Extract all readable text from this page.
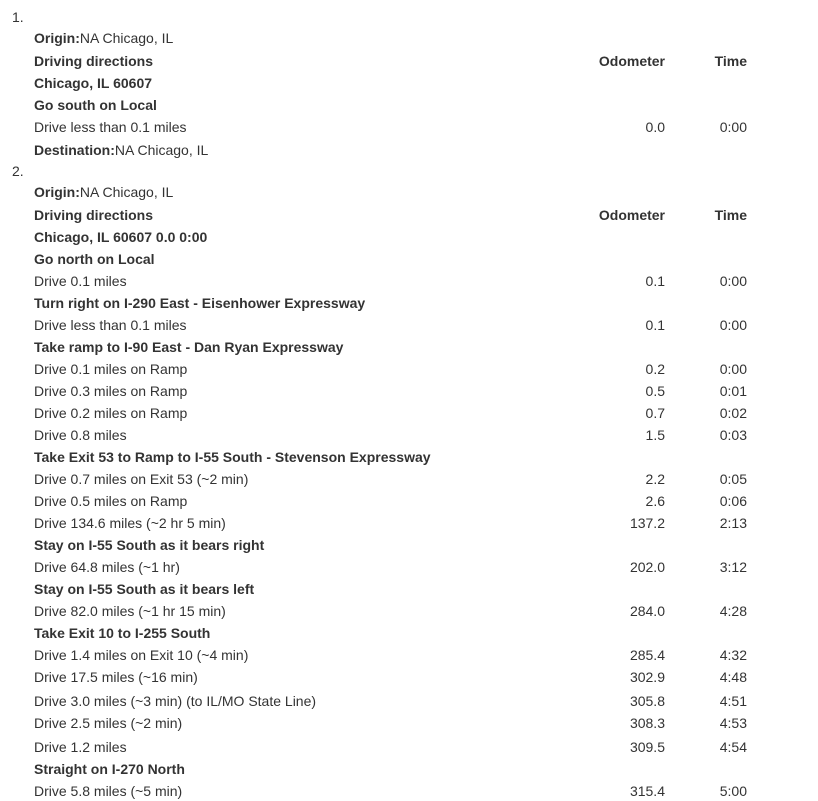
1.
Origin:NA Chicago, IL
Driving directions	Odometer	Time
Chicago, IL 60607
Go south on Local
Drive less than 0.1 miles	0.0	0:00
Destination:NA Chicago, IL
2.
Origin:NA Chicago, IL
Driving directions	Odometer	Time
Chicago, IL 60607 0.0 0:00
Go north on Local
Drive 0.1 miles	0.1	0:00
Turn right on I-290 East - Eisenhower Expressway
Drive less than 0.1 miles	0.1	0:00
Take ramp to I-90 East - Dan Ryan Expressway
Drive 0.1 miles on Ramp	0.2	0:00
Drive 0.3 miles on Ramp	0.5	0:01
Drive 0.2 miles on Ramp	0.7	0:02
Drive 0.8 miles	1.5	0:03
Take Exit 53 to Ramp to I-55 South - Stevenson Expressway
Drive 0.7 miles on Exit 53 (~2 min)	2.2	0:05
Drive 0.5 miles on Ramp	2.6	0:06
Drive 134.6 miles (~2 hr 5 min)	137.2	2:13
Stay on I-55 South as it bears right
Drive 64.8 miles (~1 hr)	202.0	3:12
Stay on I-55 South as it bears left
Drive 82.0 miles (~1 hr 15 min)	284.0	4:28
Take Exit 10 to I-255 South
Drive 1.4 miles on Exit 10 (~4 min)	285.4	4:32
Drive 17.5 miles (~16 min)	302.9	4:48
Drive 3.0 miles (~3 min) (to IL/MO State Line)	305.8	4:51
Drive 2.5 miles (~2 min)	308.3	4:53
Drive 1.2 miles	309.5	4:54
Straight on I-270 North
Drive 5.8 miles (~5 min)	315.4	5:00
